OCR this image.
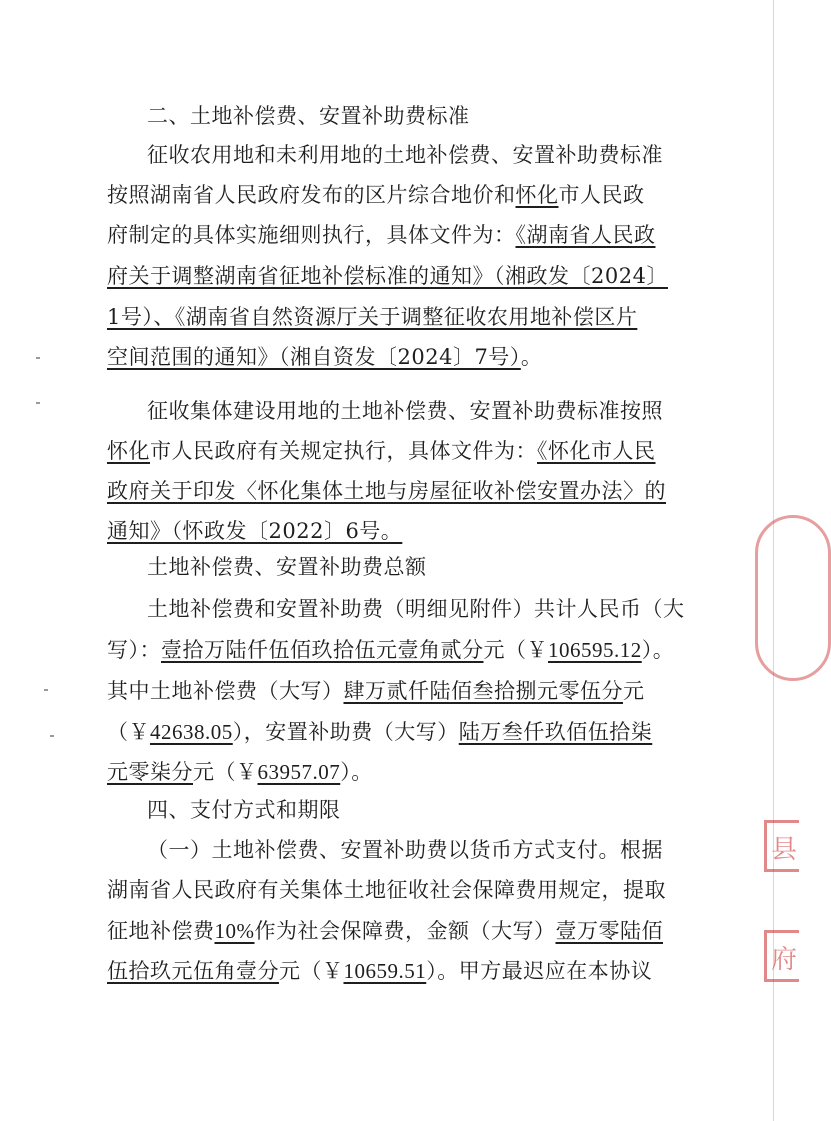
县
府
二、土地补偿费、安置补助费标准
征收农用地和未利用地的土地补偿费、安置补助费标准
按照湖南省人民政府发布的区片综合地价和怀化市人民政
府制定的具体实施细则执行，具体文件为：《湖南省人民政
府关于调整湖南省征地补偿标准的通知》（湘政发〔2024〕
1号）、《湖南省自然资源厅关于调整征收农用地补偿区片
空间范围的通知》（湘自资发〔2024〕7号）。
征收集体建设用地的土地补偿费、安置补助费标准按照
怀化市人民政府有关规定执行，具体文件为：《怀化市人民
政府关于印发〈怀化集体土地与房屋征收补偿安置办法〉的
通知》（怀政发〔2022〕6号。
土地补偿费、安置补助费总额
土地补偿费和安置补助费（明细见附件）共计人民币（大
写）：壹拾万陆仟伍佰玖拾伍元壹角贰分元（￥106595.12）。
其中土地补偿费（大写）肆万贰仟陆佰叁拾捌元零伍分元
（￥42638.05），安置补助费（大写）陆万叁仟玖佰伍拾柒
元零柒分元（￥63957.07）。
四、支付方式和期限
（一）土地补偿费、安置补助费以货币方式支付。根据
湖南省人民政府有关集体土地征收社会保障费用规定，提取
征地补偿费10%作为社会保障费，金额（大写）壹万零陆佰
伍拾玖元伍角壹分元（￥10659.51）。甲方最迟应在本协议
